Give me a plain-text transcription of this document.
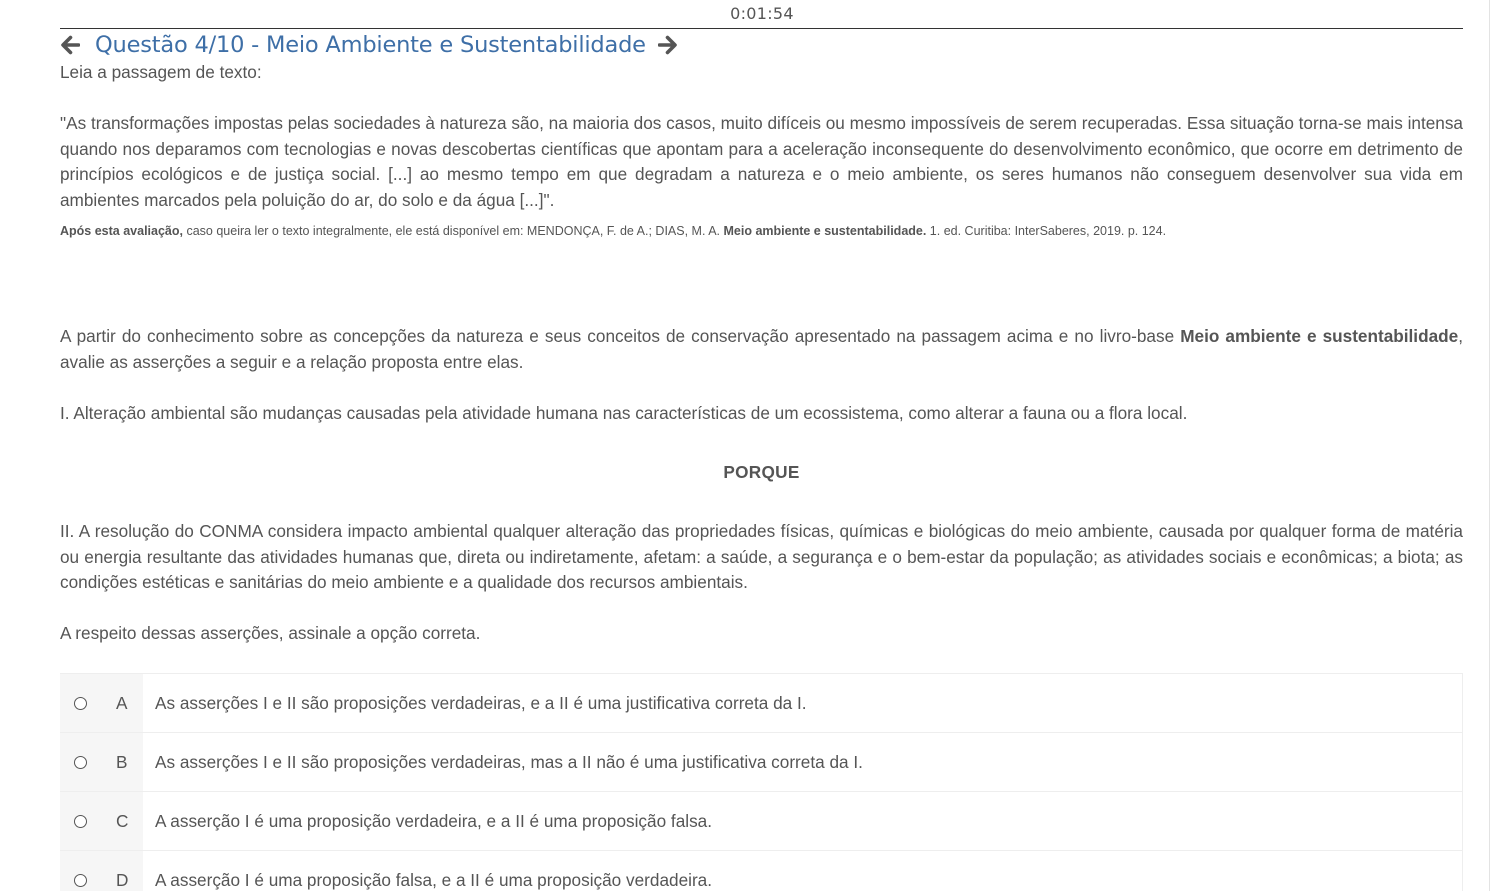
0:01:54
Questão 4/10 - Meio Ambiente e Sustentabilidade

Leia a passagem de texto:

"As transformações impostas pelas sociedades à natureza são, na maioria dos casos, muito difíceis ou mesmo impossíveis de serem recuperadas. Essa situação torna-se mais intensa quando nos deparamos com tecnologias e novas descobertas científicas que apontam para a aceleração inconsequente do desenvolvimento econômico, que ocorre em detrimento de princípios ecológicos e de justiça social. [...] ao mesmo tempo em que degradam a natureza e o meio ambiente, os seres humanos não conseguem desenvolver sua vida em ambientes marcados pela poluição do ar, do solo e da água [...]".

Após esta avaliação, caso queira ler o texto integralmente, ele está disponível em: MENDONÇA, F. de A.; DIAS, M. A. Meio ambiente e sustentabilidade. 1. ed. Curitiba: InterSaberes, 2019. p. 124.

A partir do conhecimento sobre as concepções da natureza e seus conceitos de conservação apresentado na passagem acima e no livro-base Meio ambiente e sustentabilidade, avalie as asserções a seguir e a relação proposta entre elas.

I. Alteração ambiental são mudanças causadas pela atividade humana nas características de um ecossistema, como alterar a fauna ou a flora local.

PORQUE

II. A resolução do CONMA considera impacto ambiental qualquer alteração das propriedades físicas, químicas e biológicas do meio ambiente, causada por qualquer forma de matéria ou energia resultante das atividades humanas que, direta ou indiretamente, afetam: a saúde, a segurança e o bem-estar da população; as atividades sociais e econômicas; a biota; as condições estéticas e sanitárias do meio ambiente e a qualidade dos recursos ambientais.

A respeito dessas asserções, assinale a opção correta.

A As asserções I e II são proposições verdadeiras, e a II é uma justificativa correta da I.
B As asserções I e II são proposições verdadeiras, mas a II não é uma justificativa correta da I.
C A asserção I é uma proposição verdadeira, e a II é uma proposição falsa.
D A asserção I é uma proposição falsa, e a II é uma proposição verdadeira.
